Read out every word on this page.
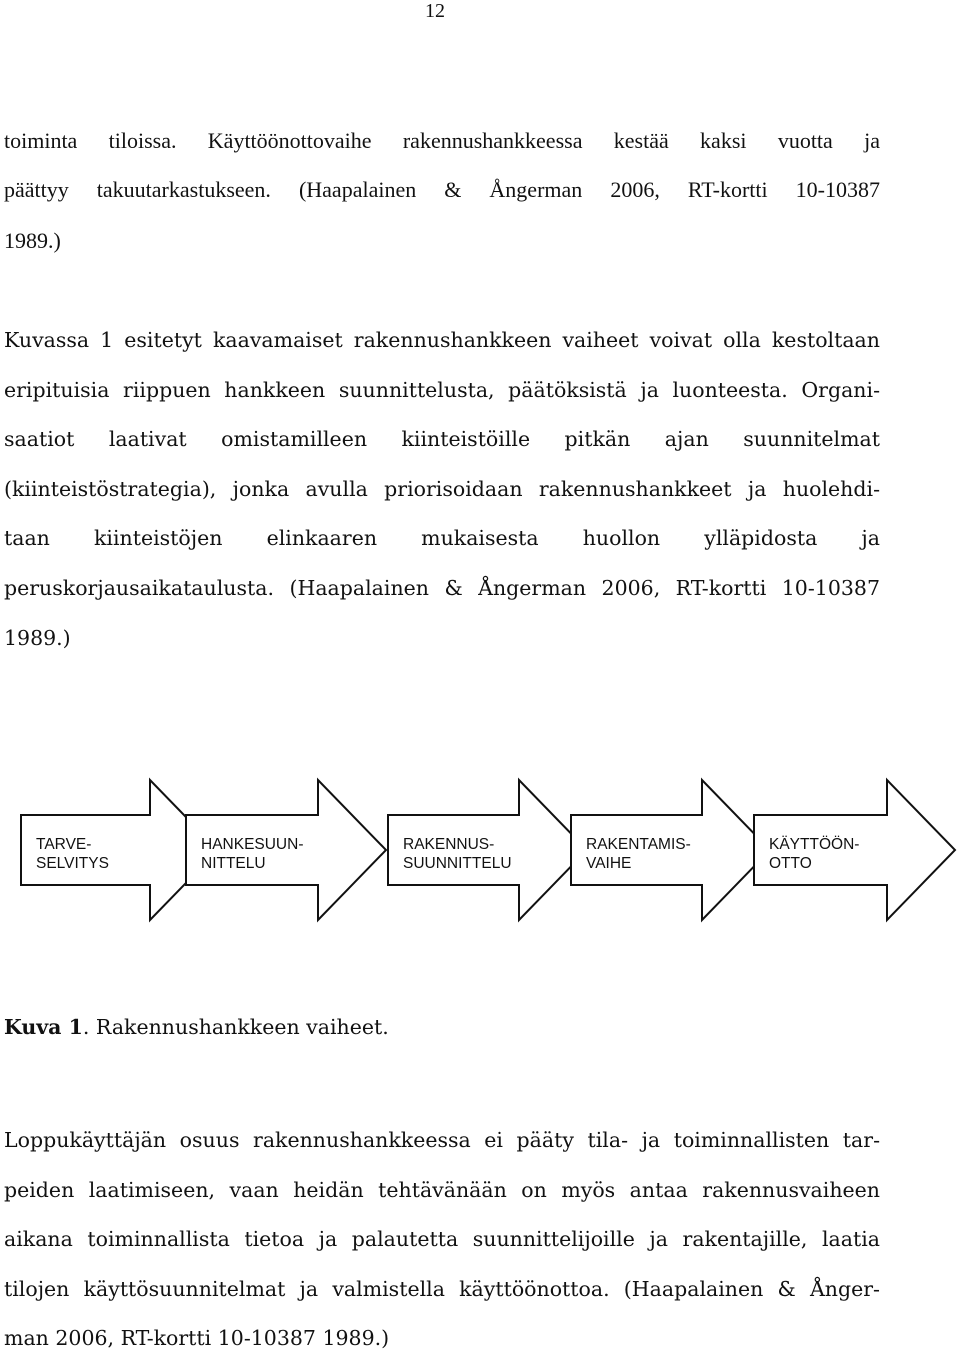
12
toiminta tiloissa. Käyttöönottovaihe rakennushankkeessa kestää kaksi vuotta ja
päättyy takuutarkastukseen. (Haapalainen & Ångerman 2006, RT-kortti 10-10387
1989.)
Kuvassa 1 esitetyt kaavamaiset rakennushankkeen vaiheet voivat olla kestoltaan
eripituisia riippuen hankkeen suunnittelusta, päätöksistä ja luonteesta. Organi-
saatiot laativat omistamilleen kiinteistöille pitkän ajan suunnitelmat
(kiinteistöstrategia), jonka avulla priorisoidaan rakennushankkeet ja huolehdi-
taan kiinteistöjen elinkaaren mukaisesta huollon ylläpidosta ja
peruskorjausaikataulusta. (Haapalainen & Ångerman 2006, RT-kortti 10-10387
1989.)
TARVE-
SELVITYS
HANKESUUN-
NITTELU
RAKENNUS-
SUUNNITTELU
RAKENTAMIS-
VAIHE
KÄYTTÖÖN-
OTTO
Kuva 1. Rakennushankkeen vaiheet.
Loppukäyttäjän osuus rakennushankkeessa ei pääty tila- ja toiminnallisten tar-
peiden laatimiseen, vaan heidän tehtävänään on myös antaa rakennusvaiheen
aikana toiminnallista tietoa ja palautetta suunnittelijoille ja rakentajille, laatia
tilojen käyttösuunnitelmat ja valmistella käyttöönottoa. (Haapalainen & Ånger-
man 2006, RT-kortti 10-10387 1989.)
